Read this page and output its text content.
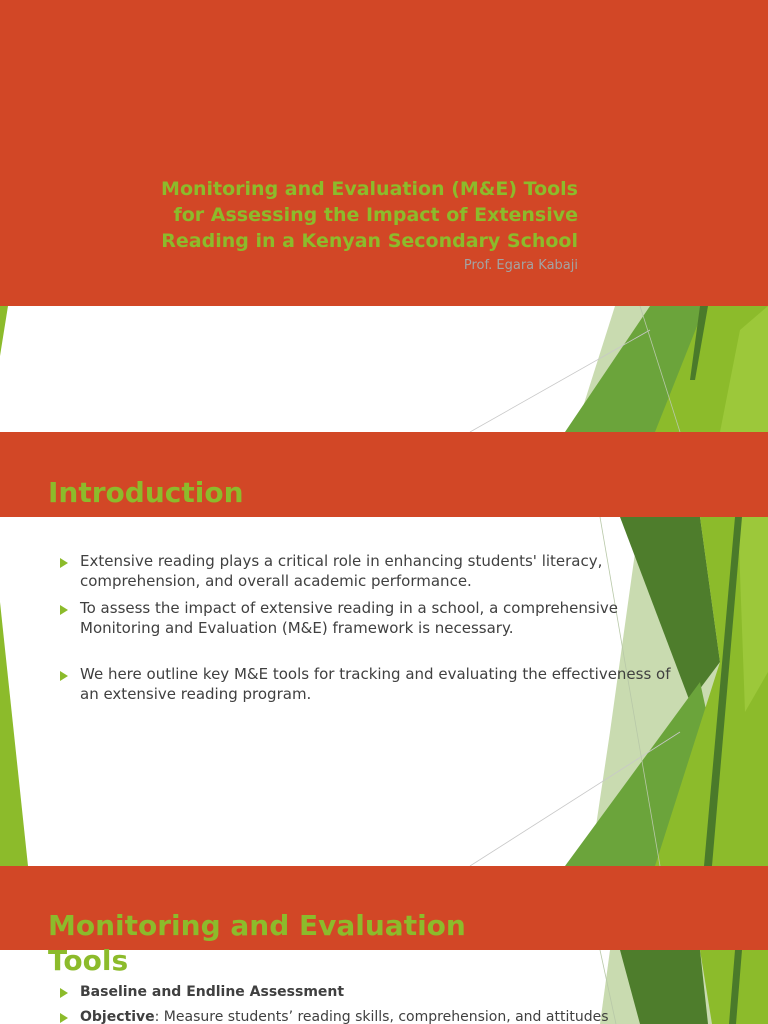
Monitoring and Evaluation (M&E) Tools
for Assessing the Impact of Extensive
Reading in a Kenyan Secondary School
Prof. Egara Kabaji
Introduction
Extensive reading plays a critical role in enhancing students' literacy,
comprehension, and overall academic performance.
To assess the impact of extensive reading in a school, a comprehensive
Monitoring and Evaluation (M&E) framework is necessary.
We here outline key M&E tools for tracking and evaluating the effectiveness of
an extensive reading program.
Monitoring and Evaluation
Tools
Baseline and Endline Assessment
Objective: Measure students’ reading skills, comprehension, and attitudes
